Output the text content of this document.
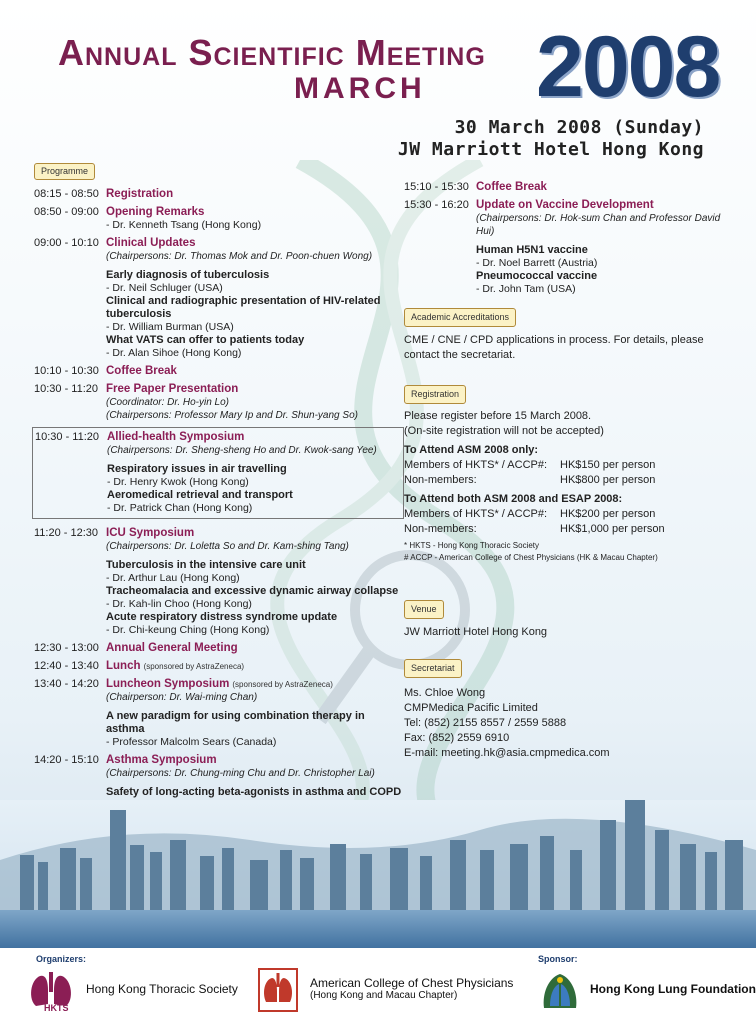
Annual Scientific Meeting
MARCH 2008
30 March 2008 (Sunday)
JW Marriott Hotel Hong Kong
Programme
08:15 - 08:50 Registration
08:50 - 09:00 Opening Remarks
- Dr. Kenneth Tsang (Hong Kong)
09:00 - 10:10 Clinical Updates
(Chairpersons: Dr. Thomas Mok and Dr. Poon-chuen Wong)
Early diagnosis of tuberculosis
- Dr. Neil Schluger (USA)
Clinical and radiographic presentation of HIV-related tuberculosis
- Dr. William Burman (USA)
What VATS can offer to patients today
- Dr. Alan Sihoe (Hong Kong)
10:10 - 10:30 Coffee Break
10:30 - 11:20 Free Paper Presentation
(Coordinator: Dr. Ho-yin Lo)
(Chairpersons: Professor Mary Ip and Dr. Shun-yang So)
10:30 - 11:20 Allied-health Symposium
(Chairpersons: Dr. Sheng-sheng Ho and Dr. Kwok-sang Yee)
Respiratory issues in air travelling
- Dr. Henry Kwok (Hong Kong)
Aeromedical retrieval and transport
- Dr. Patrick Chan (Hong Kong)
11:20 - 12:30 ICU Symposium
(Chairpersons: Dr. Loletta So and Dr. Kam-shing Tang)
Tuberculosis in the intensive care unit
- Dr. Arthur Lau (Hong Kong)
Tracheomalacia and excessive dynamic airway collapse
- Dr. Kah-lin Choo (Hong Kong)
Acute respiratory distress syndrome update
- Dr. Chi-keung Ching (Hong Kong)
12:30 - 13:00 Annual General Meeting
12:40 - 13:40 Lunch (sponsored by AstraZeneca)
13:40 - 14:20 Luncheon Symposium (sponsored by AstraZeneca)
(Chairperson: Dr. Wai-ming Chan)
A new paradigm for using combination therapy in asthma
- Professor Malcolm Sears (Canada)
14:20 - 15:10 Asthma Symposium
(Chairpersons: Dr. Chung-ming Chu and Dr. Christopher Lai)
Safety of long-acting beta-agonists in asthma and COPD
15:10 - 15:30 Coffee Break
15:30 - 16:20 Update on Vaccine Development
(Chairpersons: Dr. Hok-sum Chan and Professor David Hui)
Human H5N1 vaccine
- Dr. Noel Barrett (Austria)
Pneumococcal vaccine
- Dr. John Tam (USA)
Academic Accreditations
CME / CNE / CPD applications in process. For details, please contact the secretariat.
Registration
Please register before 15 March 2008.
(On-site registration will not be accepted)
To Attend ASM 2008 only:
Members of HKTS* / ACCP#: HK$150 per person
Non-members:	HK$800 per person
To Attend both ASM 2008 and ESAP 2008:
Members of HKTS* / ACCP#: HK$200 per person
Non-members:	HK$1,000 per person
* HKTS - Hong Kong Thoracic Society
# ACCP - American College of Chest Physicians (HK & Macau Chapter)
Venue
JW Marriott Hotel Hong Kong
Secretariat
Ms. Chloe Wong
CMPMedica Pacific Limited
Tel: (852) 2155 8557 / 2559 5888
Fax: (852) 2559 6910
E-mail: meeting.hk@asia.cmpmedica.com
Organizers:	Sponsor:
HKTS
Hong Kong Thoracic Society	American College of Chest Physicians
(Hong Kong and Macau Chapter)	Hong Kong Lung Foundation
